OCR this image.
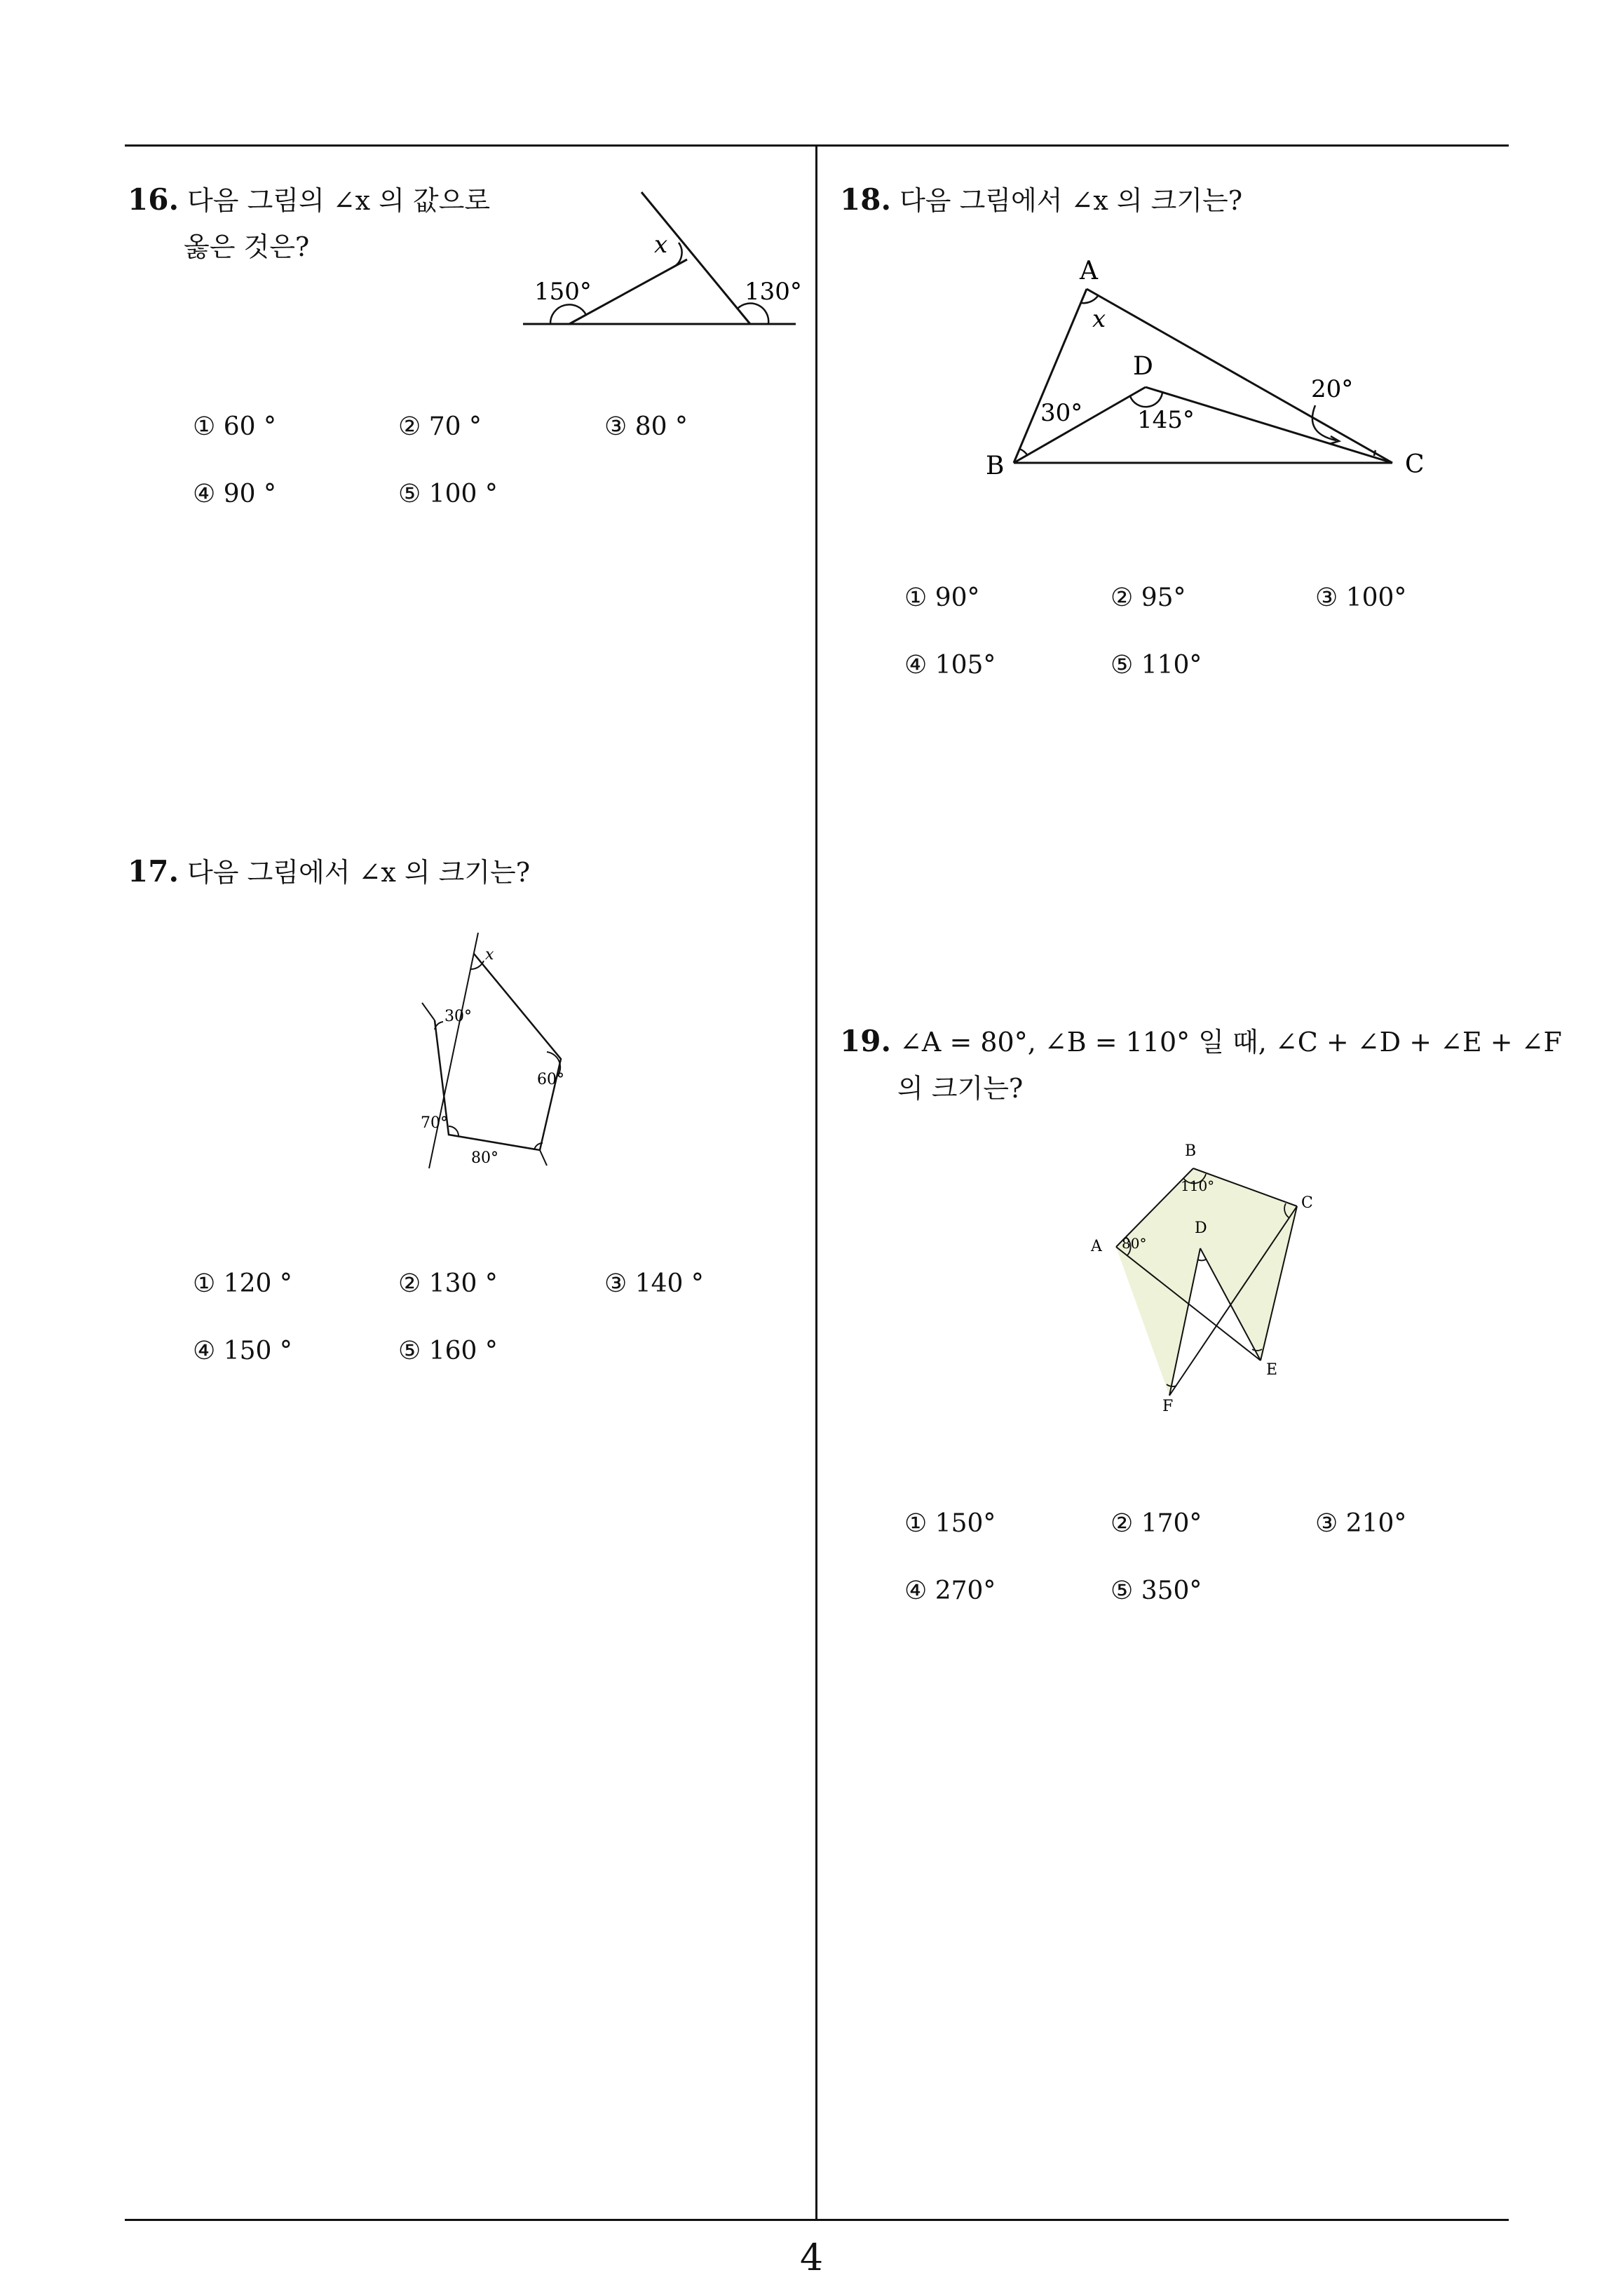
16. 다음 그림의 ∠x 의 값으로
옳은 것은?
150°	130°
x
① 60 °	② 70 °	③ 80 °
④ 90 °	⑤ 100 °
17. 다음 그림에서 ∠x 의 크기는?
x
30°
60°
70°
80°
① 120 °	② 130 °	③ 140 °
④ 150 °	⑤ 160 °
18. 다음 그림에서 ∠x 의 크기는?
A
x
D
20°
30° 145°
B	C
① 90°	② 95°	③ 100°
④ 105°	⑤ 110°
19. ∠A = 80°, ∠B = 110° 일 때, ∠C + ∠D + ∠E + ∠F
의 크기는?
B
110°
C
D
A 80°
E
F
① 150°	② 170°	③ 210°
④ 270°	⑤ 350°
4
